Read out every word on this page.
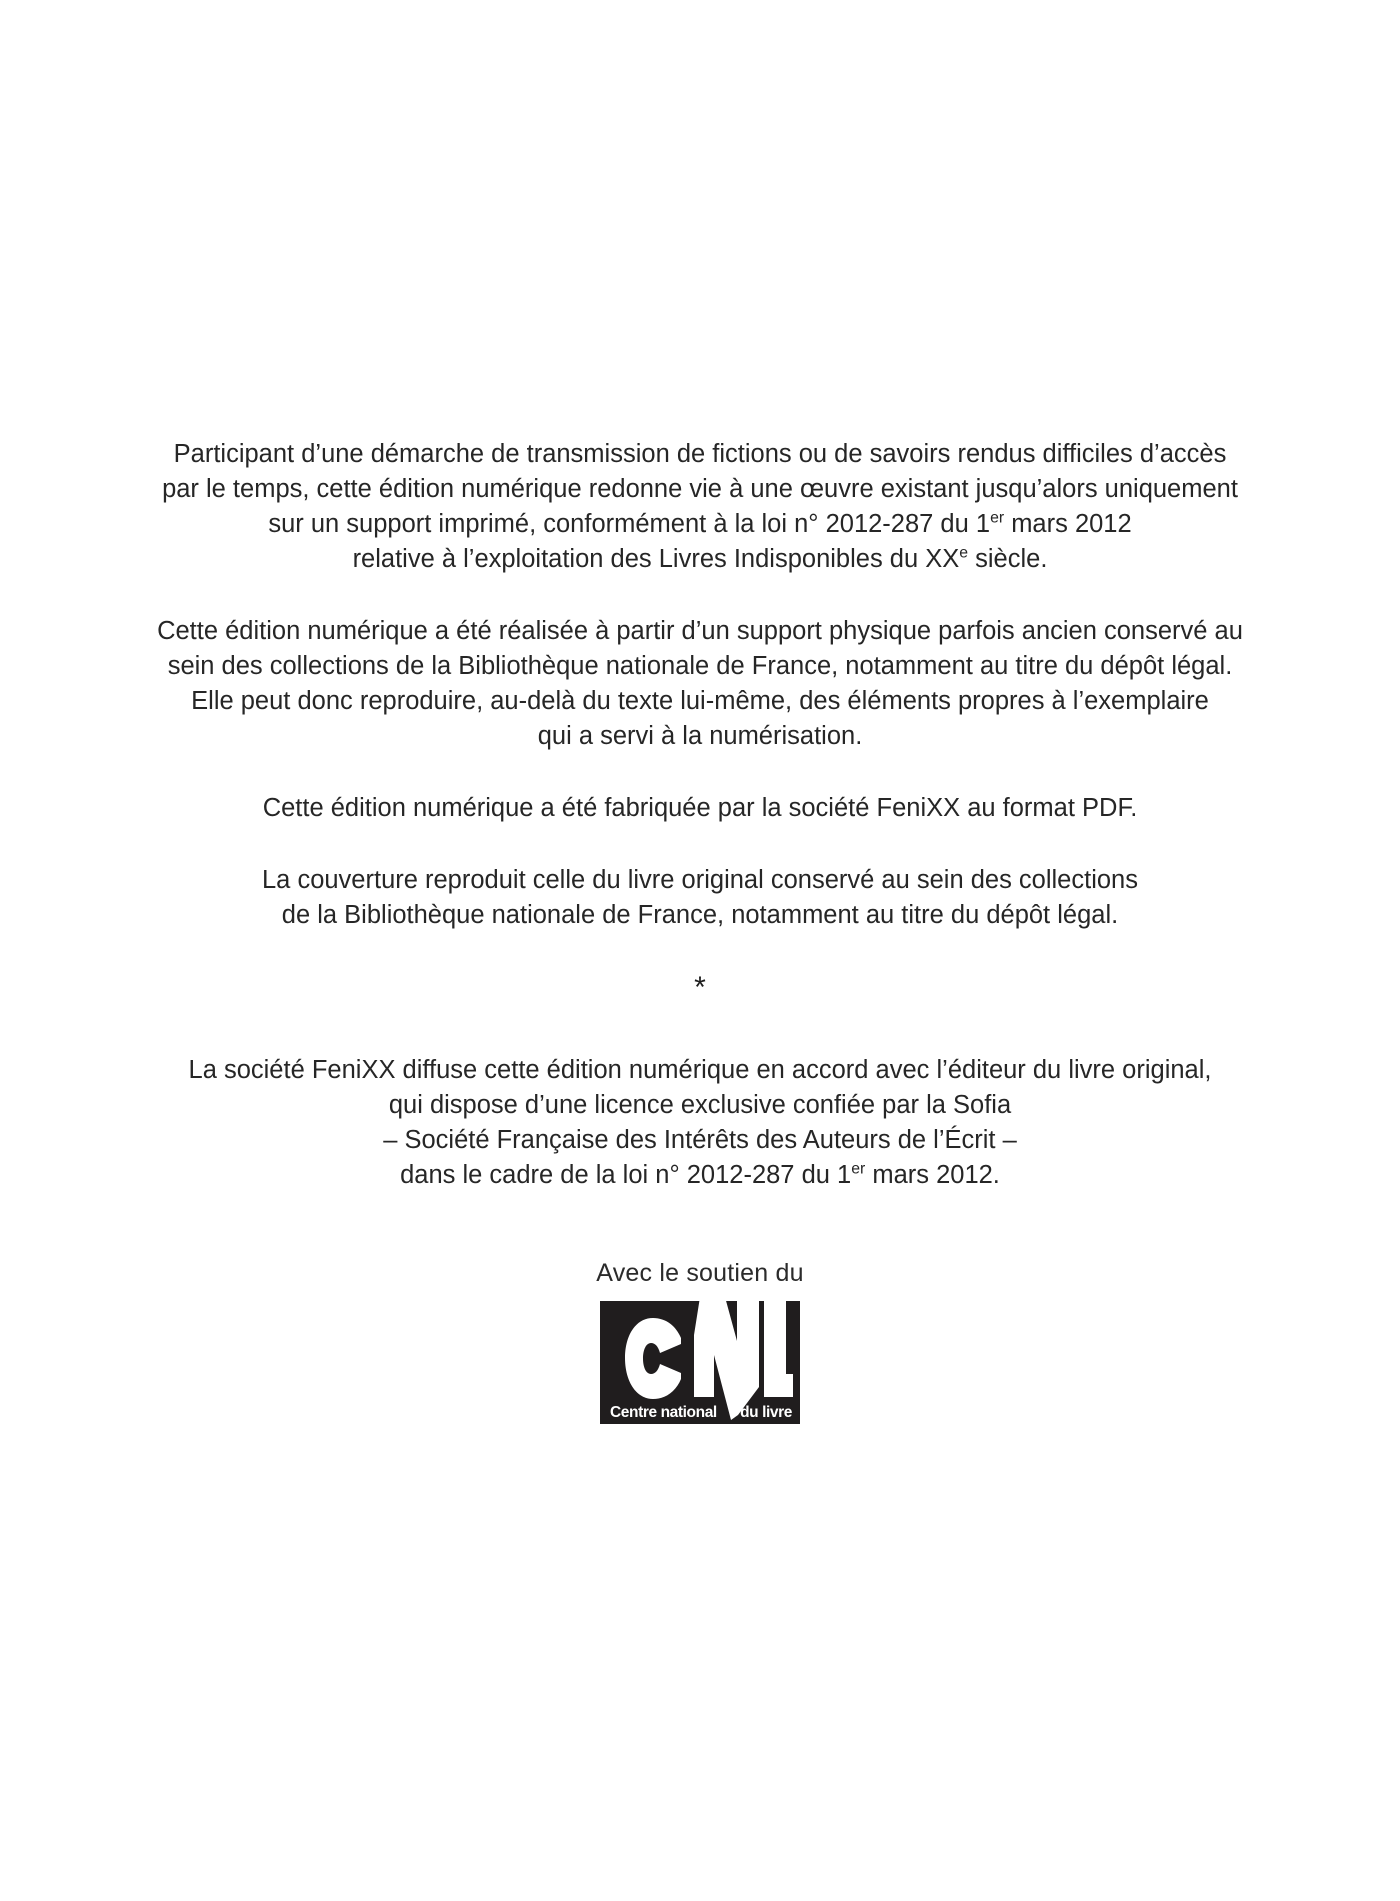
Participant d’une démarche de transmission de fictions ou de savoirs rendus difficiles d’accès
par le temps, cette édition numérique redonne vie à une œuvre existant jusqu’alors uniquement
sur un support imprimé, conformément à la loi n° 2012-287 du 1er mars 2012
relative à l’exploitation des Livres Indisponibles du XXe siècle.
Cette édition numérique a été réalisée à partir d’un support physique parfois ancien conservé au
sein des collections de la Bibliothèque nationale de France, notamment au titre du dépôt légal.
Elle peut donc reproduire, au-delà du texte lui-même, des éléments propres à l’exemplaire
qui a servi à la numérisation.
Cette édition numérique a été fabriquée par la société FeniXX au format PDF.
La couverture reproduit celle du livre original conservé au sein des collections
de la Bibliothèque nationale de France, notamment au titre du dépôt légal.
*
La société FeniXX diffuse cette édition numérique en accord avec l’éditeur du livre original,
qui dispose d’une licence exclusive confiée par la Sofia
– Société Française des Intérêts des Auteurs de l’Écrit –
dans le cadre de la loi n° 2012-287 du 1er mars 2012.
Avec le soutien du
Centre national du livre
